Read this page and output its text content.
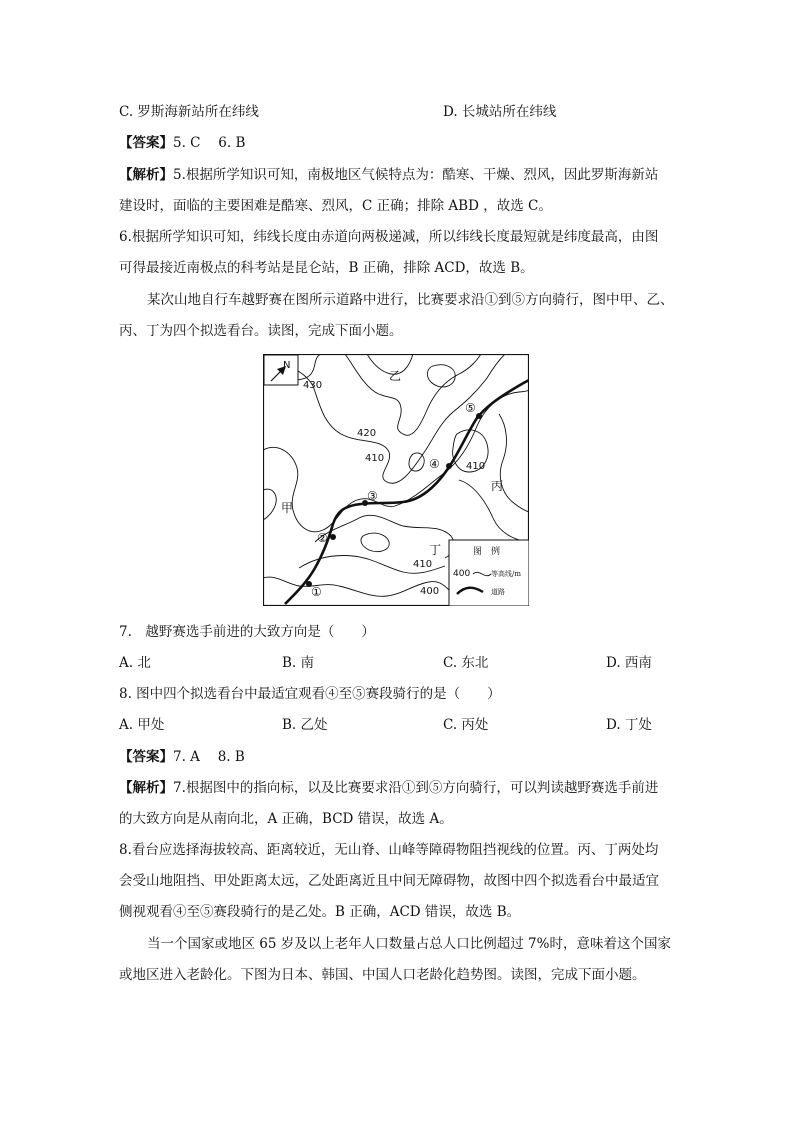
C. 罗斯海新站所在纬线	D. 长城站所在纬线
【答案】5. C　 6. B
【解析】5.根据所学知识可知，南极地区气候特点为：酷寒、干燥、烈风，因此罗斯海新站
建设时，面临的主要困难是酷寒、烈风，C 正确；排除 ABD ，故选 C。
6.根据所学知识可知，纬线长度由赤道向两极递减，所以纬线长度最短就是纬度最高，由图
可得最接近南极点的科考站是昆仑站，B 正确，排除 ACD，故选 B。
某次山地自行车越野赛在图所示道路中进行，比赛要求沿①到⑤方向骑行，图中甲、乙、
丙、丁为四个拟选看台。读图，完成下面小题。
N
430
420
410
410
410
400
甲
乙
丙
丁
①
②
③
④
⑤
图　例
400	等高线/m
道路
7.　越野赛选手前进的大致方向是（　　）
A. 北	B. 南	C. 东北	D. 西南
8. 图中四个拟选看台中最适宜观看④至⑤赛段骑行的是（　　）
A. 甲处	B. 乙处	C. 丙处	D. 丁处
【答案】7. A　 8. B
【解析】7.根据图中的指向标，以及比赛要求沿①到⑤方向骑行，可以判读越野赛选手前进
的大致方向是从南向北，A 正确，BCD 错误，故选 A。
8.看台应选择海拔较高、距离较近，无山脊、山峰等障碍物阻挡视线的位置。丙、丁两处均
会受山地阻挡、甲处距离太远，乙处距离近且中间无障碍物，故图中四个拟选看台中最适宜
侧视观看④至⑤赛段骑行的是乙处。B 正确，ACD 错误，故选 B。
当一个国家或地区 65 岁及以上老年人口数量占总人口比例超过 7%时，意味着这个国家
或地区进入老龄化。下图为日本、韩国、中国人口老龄化趋势图。读图，完成下面小题。
